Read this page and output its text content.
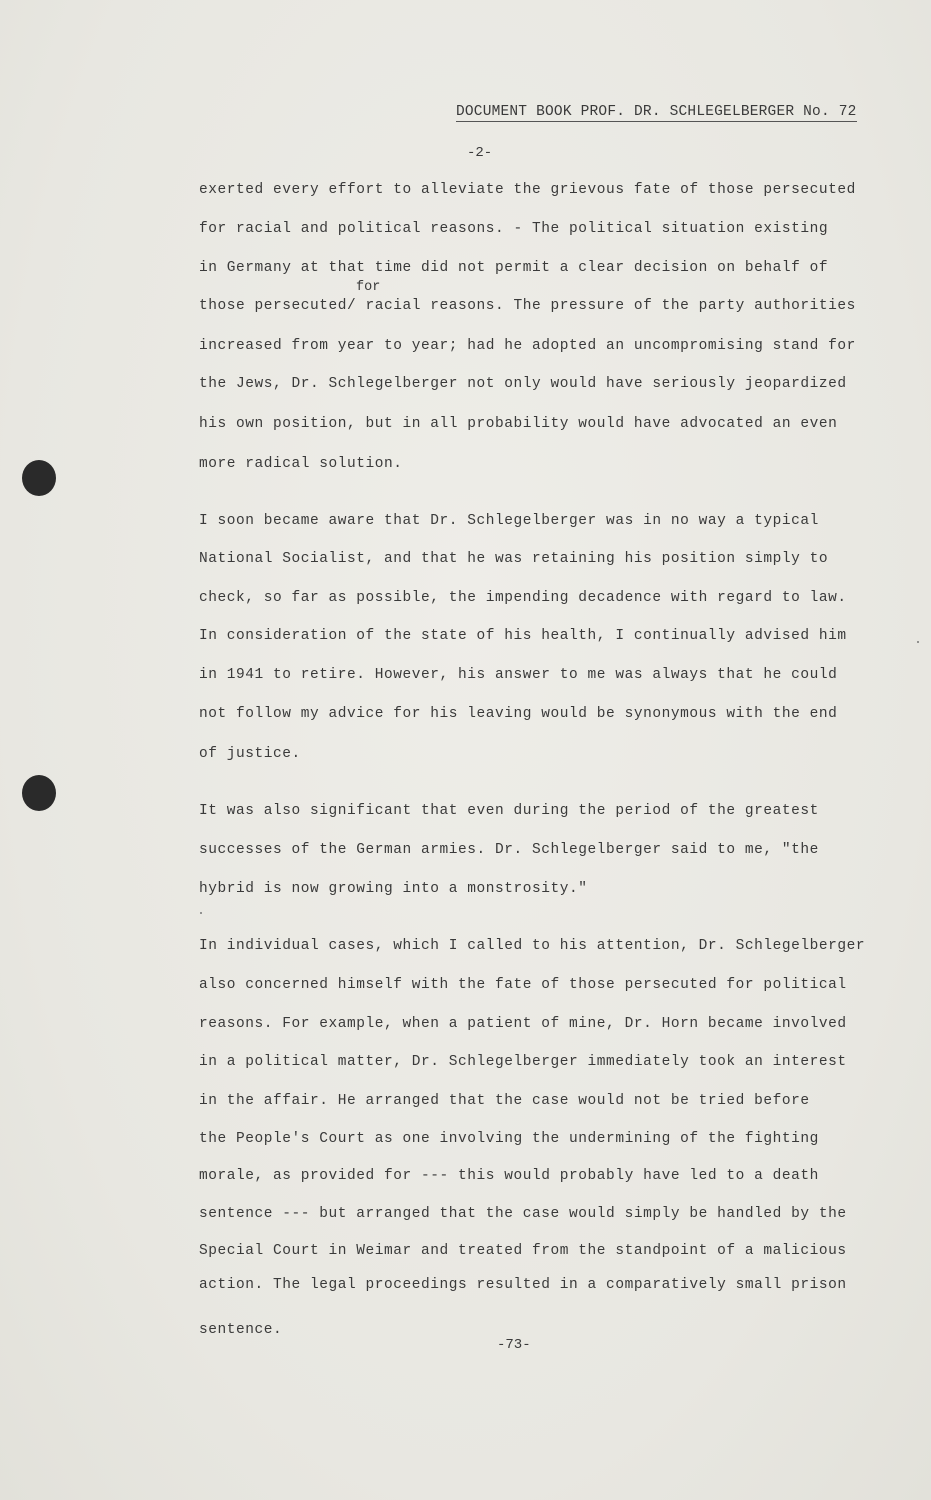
DOCUMENT BOOK PROF. DR. SCHLEGELBERGER No. 72
-2-
for
exerted every effort to alleviate the grievous fate of those persecuted
for racial and political reasons. - The political situation existing
in Germany at that time did not permit a clear decision on behalf of
those persecuted/ racial reasons. The pressure of the party authorities
increased from year to year; had he adopted an uncompromising stand for
the Jews, Dr. Schlegelberger not only would have seriously jeopardized
his own position, but in all probability would have advocated an even
more radical solution.
I soon became aware that Dr. Schlegelberger was in no way a typical
National Socialist, and that he was retaining his position simply to
check, so far as possible, the impending decadence with regard to law.
In consideration of the state of his health, I continually advised him
in 1941 to retire. However, his answer to me was always that he could
not follow my advice for his leaving would be synonymous with the end
of justice.
It was also significant that even during the period of the greatest
successes of the German armies. Dr. Schlegelberger said to me, "the
hybrid is now growing into a monstrosity."
In individual cases, which I called to his attention, Dr. Schlegelberger
also concerned himself with the fate of those persecuted for political
reasons. For example, when a patient of mine, Dr. Horn became involved
in a political matter, Dr. Schlegelberger immediately took an interest
in the affair. He arranged that the case would not be tried before
the People's Court as one involving the undermining of the fighting
morale, as provided for --- this would probably have led to a death
sentence --- but arranged that the case would simply be handled by the
Special Court in Weimar and treated from the standpoint of a malicious
action. The legal proceedings resulted in a comparatively small prison
sentence.
-73-
